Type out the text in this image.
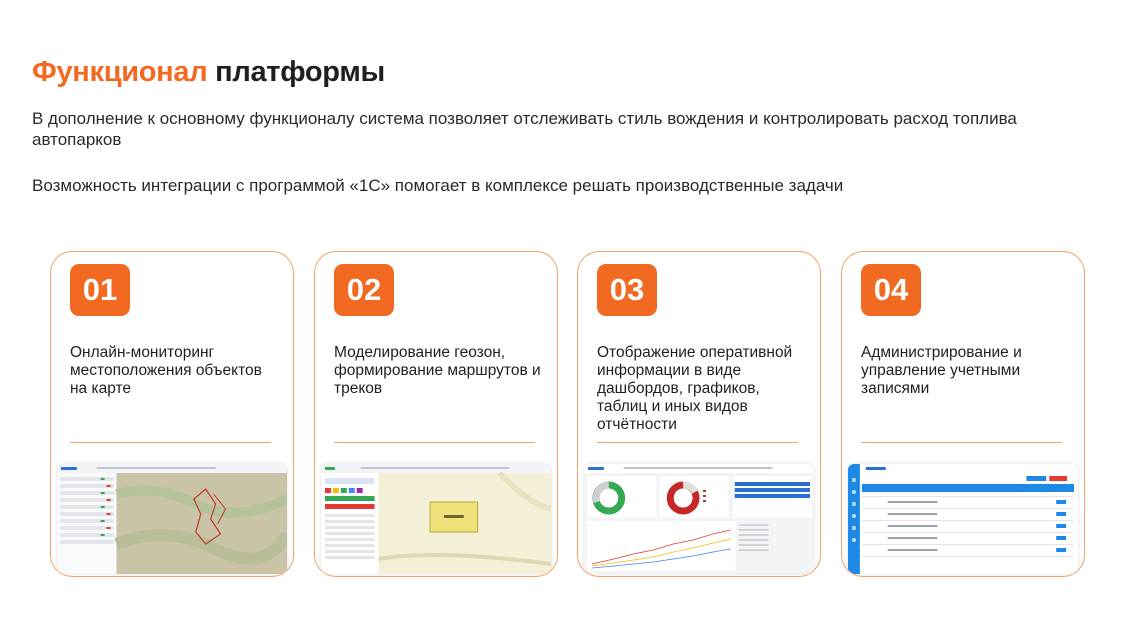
Функционал платформы
В дополнение к основному функционалу система позволяет отслеживать стиль вождения и контролировать расход топлива автопарков
Возможность интеграции с программой «1С» помогает в комплексе решать производственные задачи
01
Онлайн-мониторинг местоположения объектов на карте
02
Моделирование геозон, формирование маршрутов и треков
03
Отображение оперативной информации в виде дашбордов, графиков, таблиц и иных видов отчётности
04
Администрирование и управление учетными записями
